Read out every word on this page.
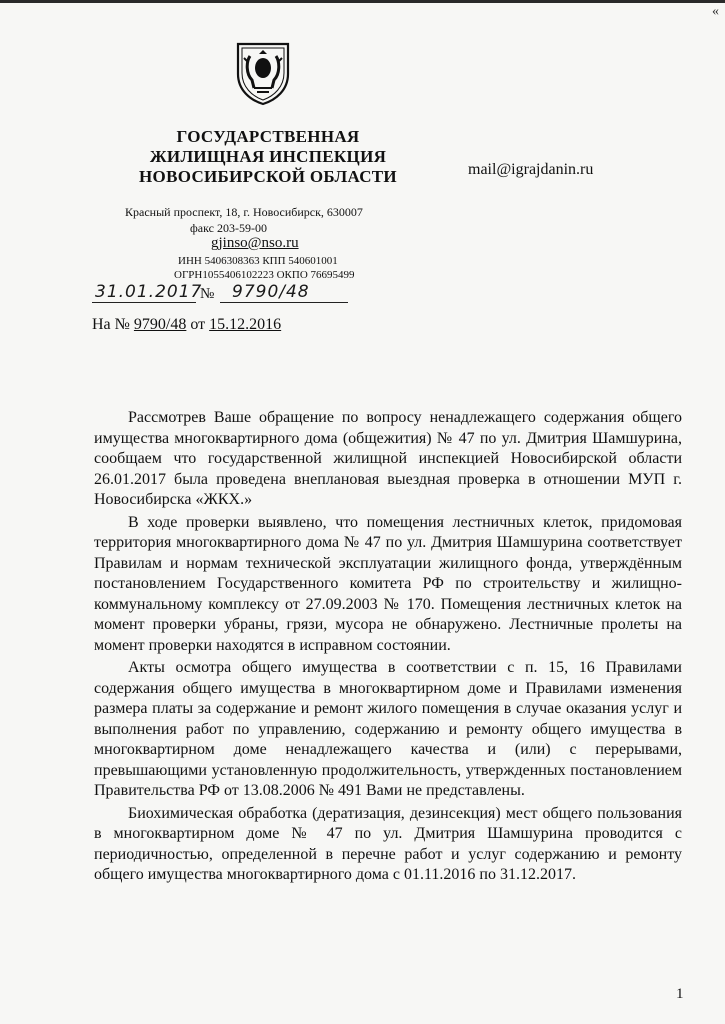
«
ГОСУДАРСТВЕННАЯ
ЖИЛИЩНАЯ ИНСПЕКЦИЯ
НОВОСИБИРСКОЙ ОБЛАСТИ	mail@igrajdanin.ru
Красный проспект, 18, г. Новосибирск, 630007
факс 203-59-00
gjinso@nso.ru
ИНН 5406308363 КПП 540601001
ОГРН1055406102223 ОКПО 76695499
31.01.2017
№ 9790/48
На № 9790/48 от 15.12.2016

Рассмотрев Ваше обращение по вопросу ненадлежащего содержания общего имущества многоквартирного дома (общежития) № 47 по ул. Дмитрия Шамшурина, сообщаем что государственной жилищной инспекцией Новосибирской области 26.01.2017 была проведена внеплановая выездная проверка в отношении МУП г. Новосибирска «ЖКХ.»

В ходе проверки выявлено, что помещения лестничных клеток, придомовая территория многоквартирного дома № 47 по ул. Дмитрия Шамшурина соответствует Правилам и нормам технической эксплуатации жилищного фонда, утверждённым постановлением Государственного комитета РФ по строительству и жилищно-коммунальному комплексу от 27.09.2003 № 170. Помещения лестничных клеток на момент проверки убраны, грязи, мусора не обнаружено. Лестничные пролеты на момент проверки находятся в исправном состоянии.

Акты осмотра общего имущества в соответствии с п. 15, 16 Правилами содержания общего имущества в многоквартирном доме и Правилами изменения размера платы за содержание и ремонт жилого помещения в случае оказания услуг и выполнения работ по управлению, содержанию и ремонту общего имущества в многоквартирном доме ненадлежащего качества и (или) с перерывами, превышающими установленную продолжительность, утвержденных постановлением Правительства РФ от 13.08.2006 № 491 Вами не представлены.

Биохимическая обработка (дератизация, дезинсекция) мест общего пользования в многоквартирном доме № 47 по ул. Дмитрия Шамшурина проводится с периодичностью, определенной в перечне работ и услуг содержанию и ремонту общего имущества многоквартирного дома с 01.11.2016 по 31.12.2017.

1
